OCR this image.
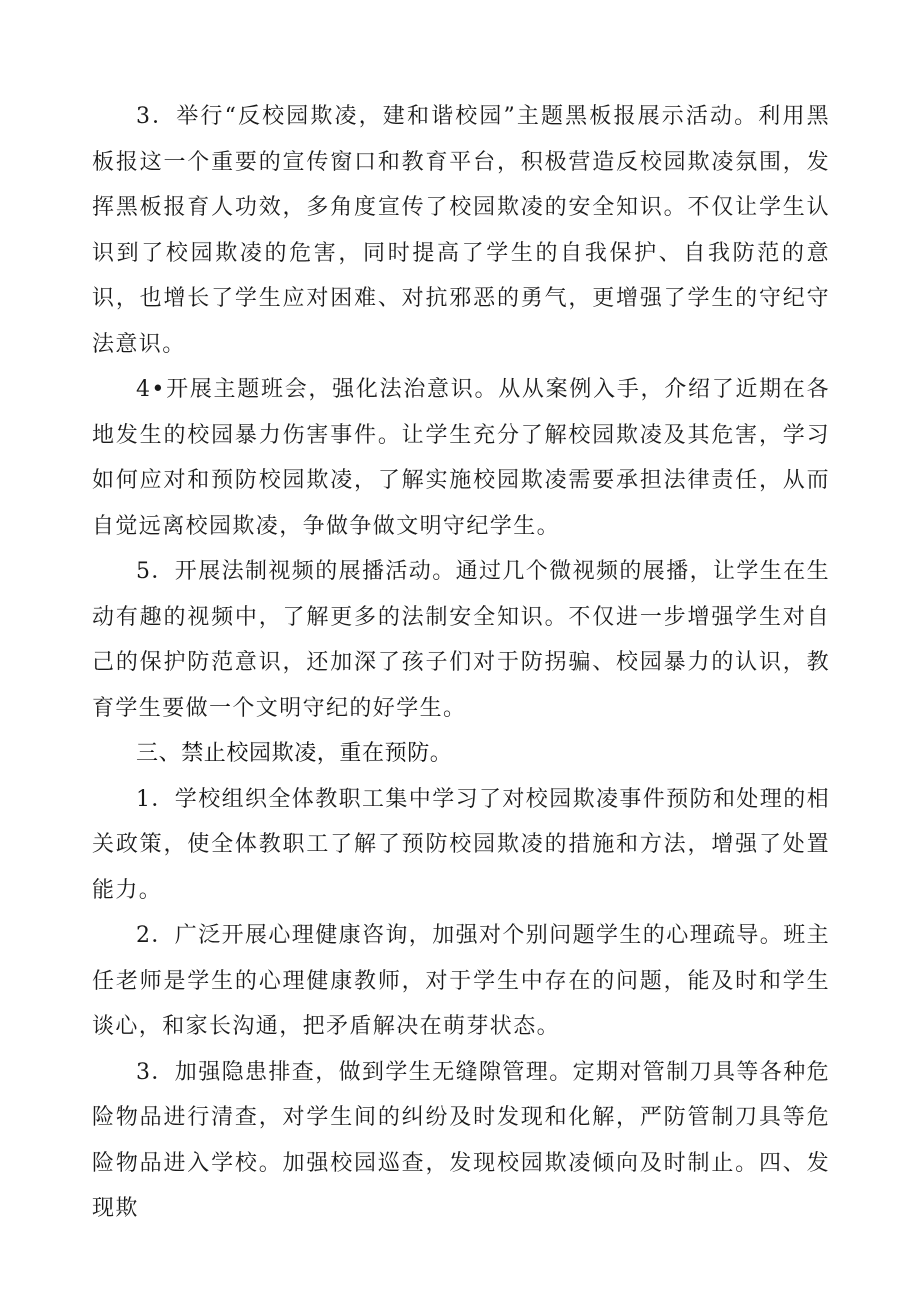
3．举行“反校园欺凌，建和谐校园”主题黑板报展示活动。利用黑板报这一个重要的宣传窗口和教育平台，积极营造反校园欺凌氛围，发挥黑板报育人功效，多角度宣传了校园欺凌的安全知识。不仅让学生认识到了校园欺凌的危害，同时提高了学生的自我保护、自我防范的意识，也增长了学生应对困难、对抗邪恶的勇气，更增强了学生的守纪守法意识。

4•开展主题班会，强化法治意识。从从案例入手，介绍了近期在各地发生的校园暴力伤害事件。让学生充分了解校园欺凌及其危害，学习如何应对和预防校园欺凌，了解实施校园欺凌需要承担法律责任，从而自觉远离校园欺凌，争做争做文明守纪学生。

5．开展法制视频的展播活动。通过几个微视频的展播，让学生在生动有趣的视频中，了解更多的法制安全知识。不仅进一步增强学生对自己的保护防范意识，还加深了孩子们对于防拐骗、校园暴力的认识，教育学生要做一个文明守纪的好学生。

三、禁止校园欺凌，重在预防。

1．学校组织全体教职工集中学习了对校园欺凌事件预防和处理的相关政策，使全体教职工了解了预防校园欺凌的措施和方法，增强了处置能力。

2．广泛开展心理健康咨询，加强对个别问题学生的心理疏导。班主任老师是学生的心理健康教师，对于学生中存在的问题，能及时和学生谈心，和家长沟通，把矛盾解决在萌芽状态。

3．加强隐患排查，做到学生无缝隙管理。定期对管制刀具等各种危险物品进行清查，对学生间的纠纷及时发现和化解，严防管制刀具等危险物品进入学校。加强校园巡查，发现校园欺凌倾向及时制止。四、发现欺
